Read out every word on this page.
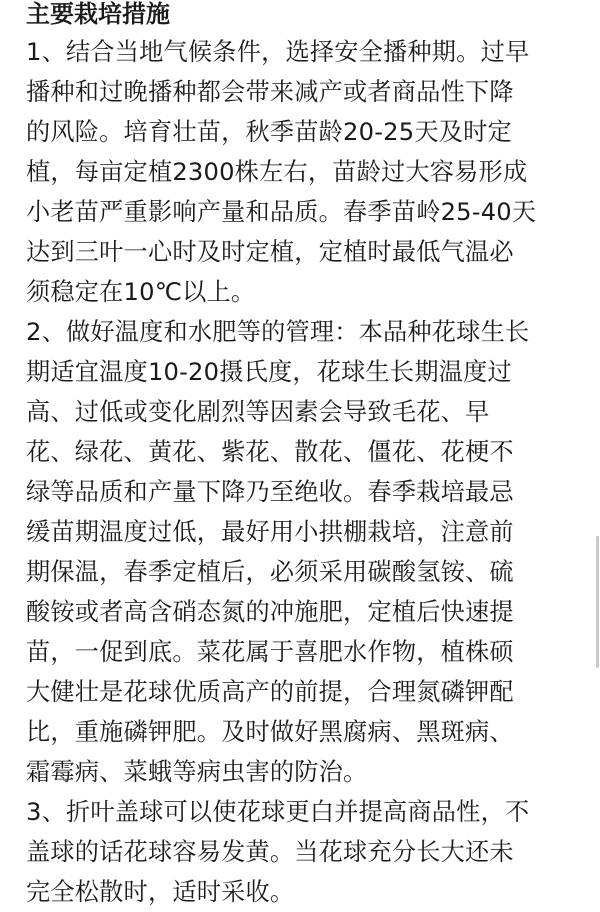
主要栽培措施
1、结合当地气候条件，选择安全播种期。过早
播种和过晚播种都会带来减产或者商品性下降
的风险。培育壮苗，秋季苗龄20-25天及时定
植，每亩定植2300株左右，苗龄过大容易形成
小老苗严重影响产量和品质。春季苗岭25-40天
达到三叶一心时及时定植，定植时最低气温必
须稳定在10℃以上。
2、做好温度和水肥等的管理：本品种花球生长
期适宜温度10-20摄氏度，花球生长期温度过
高、过低或变化剧烈等因素会导致毛花、早
花、绿花、黄花、紫花、散花、僵花、花梗不
绿等品质和产量下降乃至绝收。春季栽培最忌
缓苗期温度过低，最好用小拱棚栽培，注意前
期保温，春季定植后，必须采用碳酸氢铵、硫
酸铵或者高含硝态氮的冲施肥，定植后快速提
苗，一促到底。菜花属于喜肥水作物，植株硕
大健壮是花球优质高产的前提，合理氮磷钾配
比，重施磷钾肥。及时做好黑腐病、黑斑病、
霜霉病、菜蛾等病虫害的防治。
3、折叶盖球可以使花球更白并提高商品性，不
盖球的话花球容易发黄。当花球充分长大还未
完全松散时，适时采收。
